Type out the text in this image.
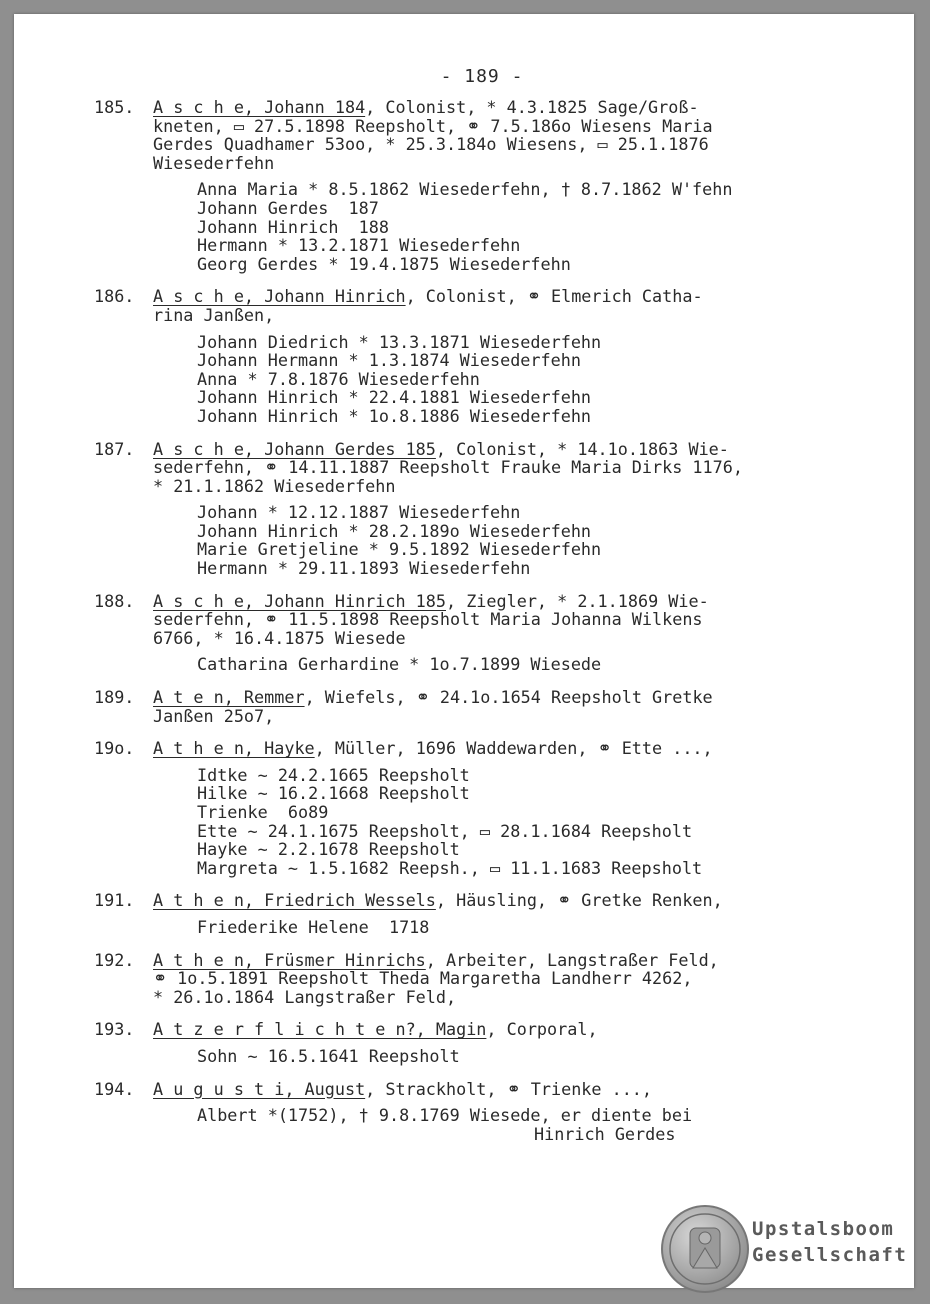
- 189 -
185. A s c h e, Johann 184, Colonist, * 4.3.1825 Sage/Groß-
kneten, ▭ 27.5.1898 Reepsholt, ⚭ 7.5.186o Wiesens Maria
Gerdes Quadhamer 53oo, * 25.3.184o Wiesens, ▭ 25.1.1876
Wiesederfehn
Anna Maria * 8.5.1862 Wiesederfehn, † 8.7.1862 W'fehn
Johann Gerdes  187
Johann Hinrich  188
Hermann * 13.2.1871 Wiesederfehn
Georg Gerdes * 19.4.1875 Wiesederfehn
186. A s c h e, Johann Hinrich, Colonist, ⚭ Elmerich Catha-
rina Janßen,
Johann Diedrich * 13.3.1871 Wiesederfehn
Johann Hermann * 1.3.1874 Wiesederfehn
Anna * 7.8.1876 Wiesederfehn
Johann Hinrich * 22.4.1881 Wiesederfehn
Johann Hinrich * 1o.8.1886 Wiesederfehn
187. A s c h e, Johann Gerdes 185, Colonist, * 14.1o.1863 Wie-
sederfehn, ⚭ 14.11.1887 Reepsholt Frauke Maria Dirks 1176,
* 21.1.1862 Wiesederfehn
Johann * 12.12.1887 Wiesederfehn
Johann Hinrich * 28.2.189o Wiesederfehn
Marie Gretjeline * 9.5.1892 Wiesederfehn
Hermann * 29.11.1893 Wiesederfehn
188. A s c h e, Johann Hinrich 185, Ziegler, * 2.1.1869 Wie-
sederfehn, ⚭ 11.5.1898 Reepsholt Maria Johanna Wilkens
6766, * 16.4.1875 Wiesede
Catharina Gerhardine * 1o.7.1899 Wiesede
189. A t e n, Remmer, Wiefels, ⚭ 24.1o.1654 Reepsholt Gretke
Janßen 25o7,
19o. A t h e n, Hayke, Müller, 1696 Waddewarden, ⚭ Ette ...,
Idtke ~ 24.2.1665 Reepsholt
Hilke ~ 16.2.1668 Reepsholt
Trienke  6o89
Ette ~ 24.1.1675 Reepsholt, ▭ 28.1.1684 Reepsholt
Hayke ~ 2.2.1678 Reepsholt
Margreta ~ 1.5.1682 Reepsh., ▭ 11.1.1683 Reepsholt
191. A t h e n, Friedrich Wessels, Häusling, ⚭ Gretke Renken,
Friederike Helene  1718
192. A t h e n, Früsmer Hinrichs, Arbeiter, Langstraßer Feld,
⚭ 1o.5.1891 Reepsholt Theda Margaretha Landherr 4262,
* 26.1o.1864 Langstraßer Feld,
193. A t z e r f l i c h t e n?, Magin, Corporal,
Sohn ~ 16.5.1641 Reepsholt
194. A u g u s t i, August, Strackholt, ⚭ Trienke ...,
Albert *(1752), † 9.8.1769 Wiesede, er diente bei
Hinrich Gerdes
Upstalsboom
Gesellschaft
